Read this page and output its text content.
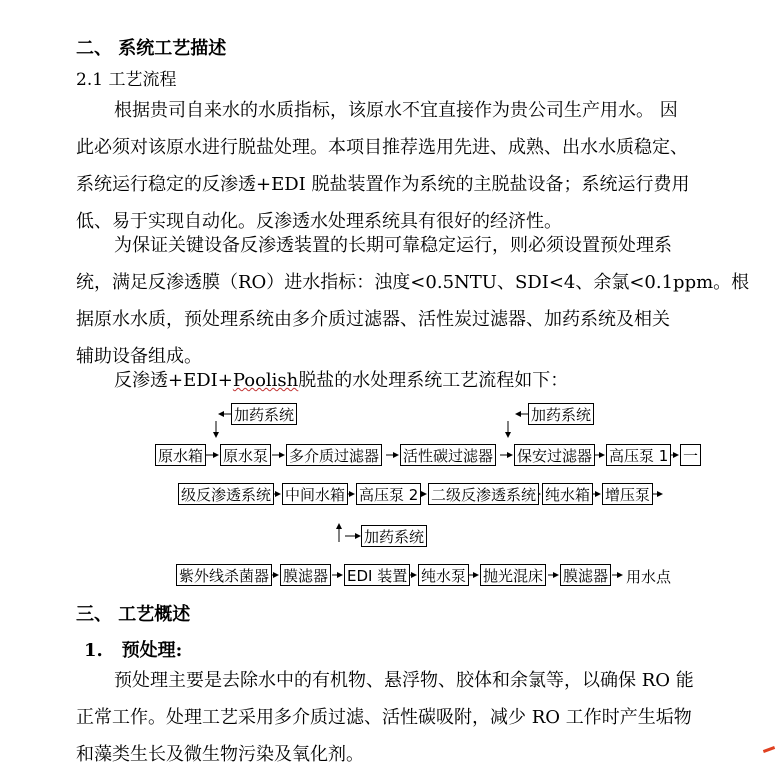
二、 系统工艺描述
2.1 工艺流程
根据贵司自来水的水质指标，该原水不宜直接作为贵公司生产用水。 因
此必须对该原水进行脱盐处理。本项目推荐选用先进、成熟、出水水质稳定、
系统运行稳定的反渗透+EDI 脱盐装置作为系统的主脱盐设备；系统运行费用
低、易于实现自动化。反渗透水处理系统具有很好的经济性。
为保证关键设备反渗透装置的长期可靠稳定运行，则必须设置预处理系
统，满足反渗透膜（RO）进水指标：浊度<0.5NTU、SDI<4、余氯<0.1ppm。根
据原水水质，预处理系统由多介质过滤器、活性炭过滤器、加药系统及相关
辅助设备组成。
反渗透+EDI+Poolish脱盐的水处理系统工艺流程如下：
加药系统	加药系统
加药系统
原水箱 原水泵 多介质过滤器 活性碳过滤器 保安过滤器 高压泵 1 一
级反渗透系统 中间水箱 高压泵 2 二级反渗透系统 纯水箱 增压泵
紫外线杀菌器 膜滤器 EDI 装置 纯水泵 抛光混床 膜滤器 用水点
三、 工艺概述
1.   预处理:
预处理主要是去除水中的有机物、悬浮物、胶体和余氯等，以确保 RO 能
正常工作。处理工艺采用多介质过滤、活性碳吸附，减少 RO 工作时产生垢物
和藻类生长及微生物污染及氧化剂。
